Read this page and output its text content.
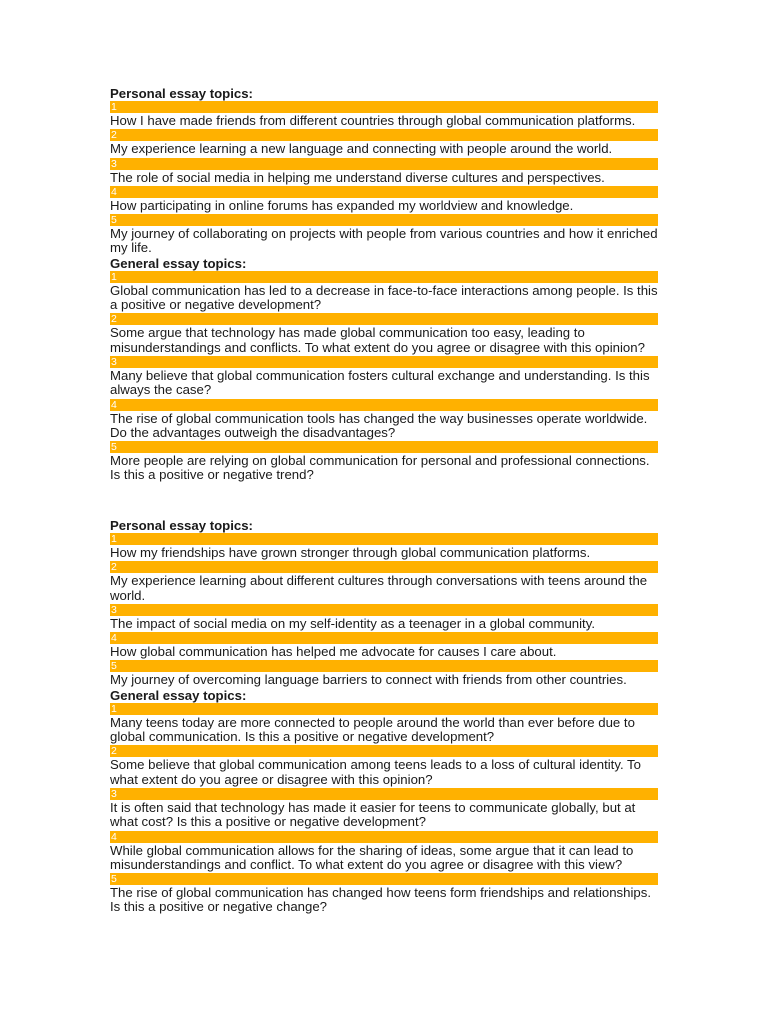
Personal essay topics:
1
How I have made friends from different countries through global communication platforms.
2
My experience learning a new language and connecting with people around the world.
3
The role of social media in helping me understand diverse cultures and perspectives.
4
How participating in online forums has expanded my worldview and knowledge.
5
My journey of collaborating on projects with people from various countries and how it enriched my life.
General essay topics:
1
Global communication has led to a decrease in face-to-face interactions among people. Is this a positive or negative development?
2
Some argue that technology has made global communication too easy, leading to misunderstandings and conflicts. To what extent do you agree or disagree with this opinion?
3
Many believe that global communication fosters cultural exchange and understanding. Is this always the case?
4
The rise of global communication tools has changed the way businesses operate worldwide. Do the advantages outweigh the disadvantages?
5
More people are relying on global communication for personal and professional connections. Is this a positive or negative trend?
Personal essay topics:
1
How my friendships have grown stronger through global communication platforms.
2
My experience learning about different cultures through conversations with teens around the world.
3
The impact of social media on my self-identity as a teenager in a global community.
4
How global communication has helped me advocate for causes I care about.
5
My journey of overcoming language barriers to connect with friends from other countries.
General essay topics:
1
Many teens today are more connected to people around the world than ever before due to global communication. Is this a positive or negative development?
2
Some believe that global communication among teens leads to a loss of cultural identity. To what extent do you agree or disagree with this opinion?
3
It is often said that technology has made it easier for teens to communicate globally, but at what cost? Is this a positive or negative development?
4
While global communication allows for the sharing of ideas, some argue that it can lead to misunderstandings and conflict. To what extent do you agree or disagree with this view?
5
The rise of global communication has changed how teens form friendships and relationships. Is this a positive or negative change?
